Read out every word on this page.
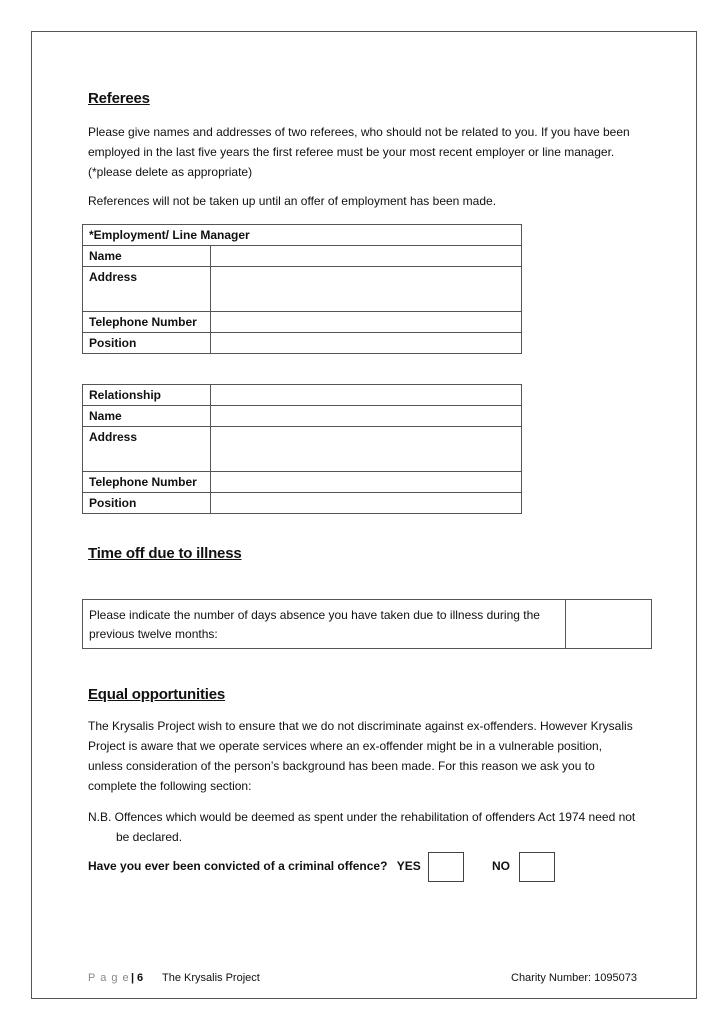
Referees
Please give names and addresses of two referees, who should not be related to you. If you have been
employed in the last five years the first referee must be your most recent employer or line manager.
(*please delete as appropriate)
References will not be taken up until an offer of employment has been made.
*Employment/ Line Manager	
Name	
Address	
Telephone Number	
Position	
Relationship	
Name	
Address	
Telephone Number	
Position	
Time off due to illness
Please indicate the number of days absence you have taken due to illness during the
previous twelve months:
Equal opportunities
The Krysalis Project wish to ensure that we do not discriminate against ex-offenders. However Krysalis
Project is aware that we operate services where an ex-offender might be in a vulnerable position,
unless consideration of the person’s background has been made. For this reason we ask you to
complete the following section:
N.B. Offences which would be deemed as spent under the rehabilitation of offenders Act 1974 need not
be declared.
Have you ever been convicted of a criminal offence? YES	NO
P a g e | 6 The Krysalis Project	Charity Number: 1095073
